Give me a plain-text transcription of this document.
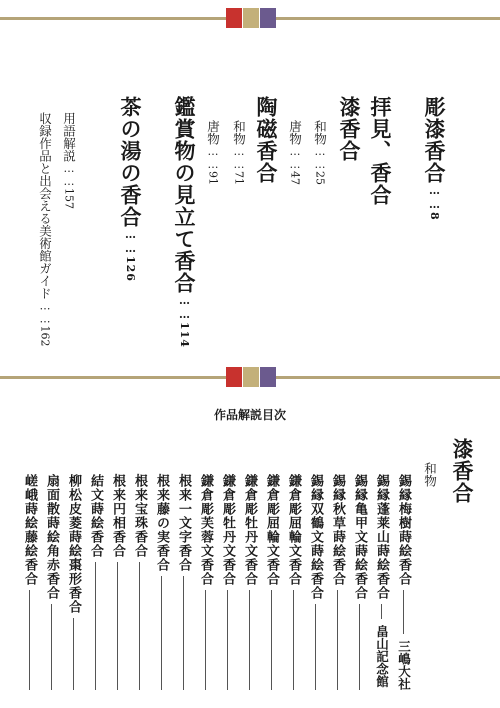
彫漆香合……8
拝見、香合
漆香合
和物……25
唐物……47
陶磁香合
和物……71
唐物……91
鑑賞物の見立て香合……114
茶の湯の香合……126
用語解説……157
収録作品と出会える美術館ガイド……162
作品解説目次
漆香合
和物
錫縁梅樹蒔絵香合
三嶋大社
錫縁蓬莱山蒔絵香合
畠山記念館
錫縁亀甲文蒔絵香合
錫縁秋草蒔絵香合
錫縁双鶴文蒔絵香合
鎌倉彫屈輪文香合
鎌倉彫屈輪文香合
鎌倉彫牡丹文香合
鎌倉彫牡丹文香合
鎌倉彫芙蓉文香合
根来一文字香合
根来藤の実香合
根来宝珠香合
根来円相香合
結文蒔絵香合
柳松皮菱蒔絵棗形香合
扇面散蒔絵角赤香合
嵯峨蒔絵藤絵香合
